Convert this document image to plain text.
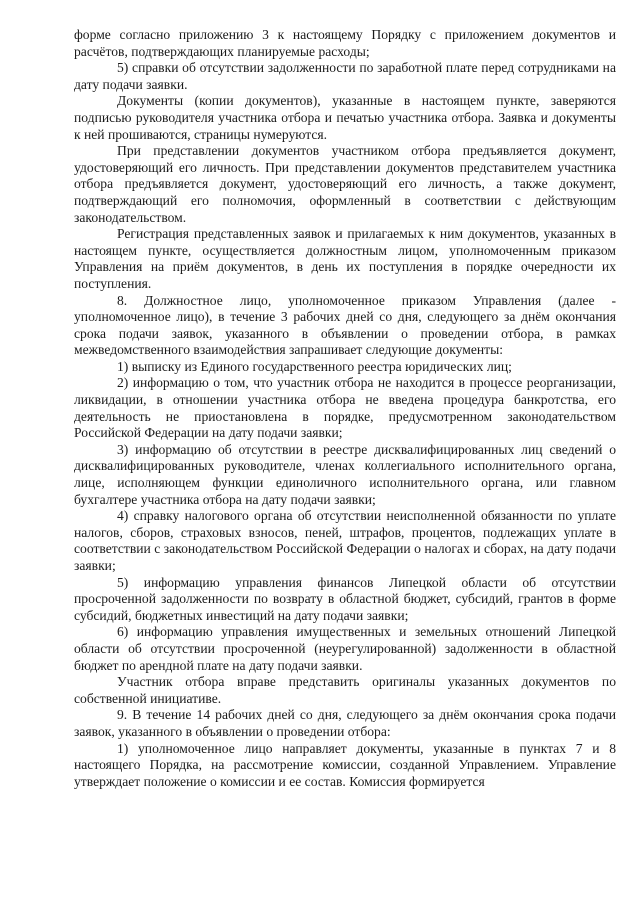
форме согласно приложению 3 к настоящему Порядку с приложением документов и расчётов, подтверждающих планируемые расходы;

5) справки об отсутствии задолженности по заработной плате перед сотрудниками на дату подачи заявки.

Документы (копии документов), указанные в настоящем пункте, заверяются подписью руководителя участника отбора и печатью участника отбора. Заявка и документы к ней прошиваются, страницы нумеруются.

При представлении документов участником отбора предъявляется документ, удостоверяющий его личность. При представлении документов представителем участника отбора предъявляется документ, удостоверяющий его личность, а также документ, подтверждающий его полномочия, оформленный в соответствии с действующим законодательством.

Регистрация представленных заявок и прилагаемых к ним документов, указанных в настоящем пункте, осуществляется должностным лицом, уполномоченным приказом Управления на приём документов, в день их поступления в порядке очередности их поступления.

8. Должностное лицо, уполномоченное приказом Управления (далее - уполномоченное лицо), в течение 3 рабочих дней со дня, следующего за днём окончания срока подачи заявок, указанного в объявлении о проведении отбора, в рамках межведомственного взаимодействия запрашивает следующие документы:

1) выписку из Единого государственного реестра юридических лиц;

2) информацию о том, что участник отбора не находится в процессе реорганизации, ликвидации, в отношении участника отбора не введена процедура банкротства, его деятельность не приостановлена в порядке, предусмотренном законодательством Российской Федерации на дату подачи заявки;

3) информацию об отсутствии в реестре дисквалифицированных лиц сведений о дисквалифицированных руководителе, членах коллегиального исполнительного органа, лице, исполняющем функции единоличного исполнительного органа, или главном бухгалтере участника отбора на дату подачи заявки;

4) справку налогового органа об отсутствии неисполненной обязанности по уплате налогов, сборов, страховых взносов, пеней, штрафов, процентов, подлежащих уплате в соответствии с законодательством Российской Федерации о налогах и сборах, на дату подачи заявки;

5) информацию управления финансов Липецкой области об отсутствии просроченной задолженности по возврату в областной бюджет, субсидий, грантов в форме субсидий, бюджетных инвестиций на дату подачи заявки;

6) информацию управления имущественных и земельных отношений Липецкой области об отсутствии просроченной (неурегулированной) задолженности в областной бюджет по арендной плате на дату подачи заявки.

Участник отбора вправе представить оригиналы указанных документов по собственной инициативе.

9. В течение 14 рабочих дней со дня, следующего за днём окончания срока подачи заявок, указанного в объявлении о проведении отбора:

1) уполномоченное лицо направляет документы, указанные в пунктах 7 и 8 настоящего Порядка, на рассмотрение комиссии, созданной Управлением. Управление утверждает положение о комиссии и ее состав. Комиссия формируется
